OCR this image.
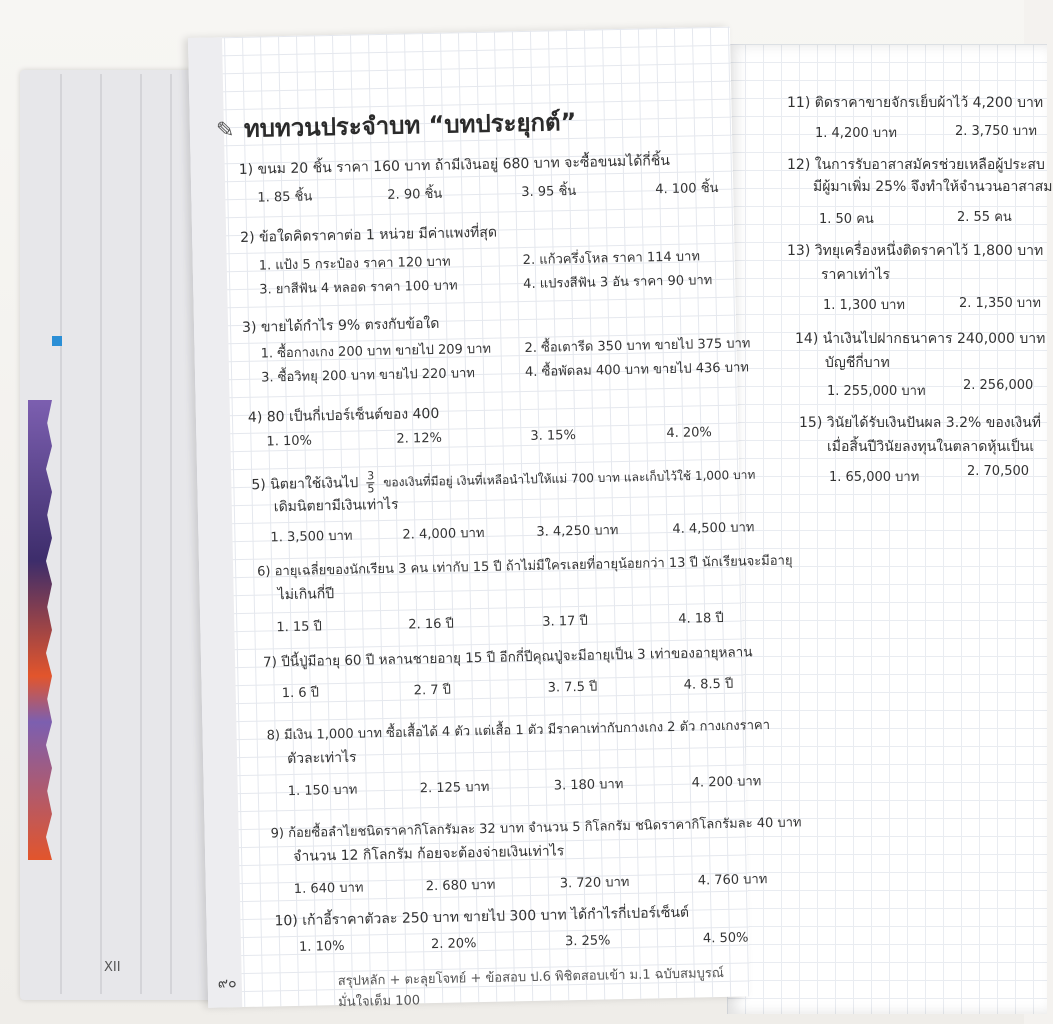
XII
11) ติดราคาขายจักรเย็บผ้าไว้ 4,200 บาท
1. 4,200 บาท	2. 3,750 บาท
12) ในการรับอาสาสมัครช่วยเหลือผู้ประสบ
มีผู้มาเพิ่ม 25% จึงทำให้จำนวนอาสาสม
1. 50 คน	2. 55 คน
13) วิทยุเครื่องหนึ่งติดราคาไว้ 1,800 บาท
ราคาเท่าไร
1. 1,300 บาท	2. 1,350 บาท
14) นำเงินไปฝากธนาคาร 240,000 บาท
บัญชีกี่บาท
1. 255,000 บาท	2. 256,000
15) วินัยได้รับเงินปันผล 3.2% ของเงินที่
เมื่อสิ้นปีวินัยลงทุนในตลาดหุ้นเป็นเ
1. 65,000 บาท	2. 70,500
✎ ทบทวนประจำบท “บทประยุกต์”
1) ขนม 20 ชิ้น ราคา 160 บาท ถ้ามีเงินอยู่ 680 บาท จะซื้อขนมได้กี่ชิ้น
1. 85 ชิ้น	2. 90 ชิ้น	3. 95 ชิ้น	4. 100 ชิ้น
2) ข้อใดคิดราคาต่อ 1 หน่วย มีค่าแพงที่สุด
1. แป้ง 5 กระป๋อง ราคา 120 บาท	2. แก้วครึ่งโหล ราคา 114 บาท
3. ยาสีฟัน 4 หลอด ราคา 100 บาท	4. แปรงสีฟัน 3 อัน ราคา 90 บาท
3) ขายได้กำไร 9% ตรงกับข้อใด
1. ซื้อกางเกง 200 บาท ขายไป 209 บาท	2. ซื้อเตารีด 350 บาท ขายไป 375 บาท
3. ซื้อวิทยุ 200 บาท ขายไป 220 บาท	4. ซื้อพัดลม 400 บาท ขายไป 436 บาท
4) 80 เป็นกี่เปอร์เซ็นต์ของ 400
1. 10%	2. 12%	3. 15%	4. 20%
5) นิตยาใช้เงินไป $\frac{3}{5}$ ของเงินที่มีอยู่ เงินที่เหลือนำไปให้แม่ 700 บาท และเก็บไว้ใช้ 1,000 บาท
เดิมนิตยามีเงินเท่าไร
1. 3,500 บาท	2. 4,000 บาท	3. 4,250 บาท	4. 4,500 บาท
6) อายุเฉลี่ยของนักเรียน 3 คน เท่ากับ 15 ปี ถ้าไม่มีใครเลยที่อายุน้อยกว่า 13 ปี นักเรียนจะมีอายุ
ไม่เกินกี่ปี
1. 15 ปี	2. 16 ปี	3. 17 ปี	4. 18 ปี
7) ปีนี้ปู่มีอายุ 60 ปี หลานชายอายุ 15 ปี อีกกี่ปีคุณปู่จะมีอายุเป็น 3 เท่าของอายุหลาน
1. 6 ปี	2. 7 ปี	3. 7.5 ปี	4. 8.5 ปี
8) มีเงิน 1,000 บาท ซื้อเสื้อได้ 4 ตัว แต่เสื้อ 1 ตัว มีราคาเท่ากับกางเกง 2 ตัว กางเกงราคา
ตัวละเท่าไร
1. 150 บาท	2. 125 บาท	3. 180 บาท	4. 200 บาท
9) ก้อยซื้อลำไยชนิดราคากิโลกรัมละ 32 บาท จำนวน 5 กิโลกรัม ชนิดราคากิโลกรัมละ 40 บาท
จำนวน 12 กิโลกรัม ก้อยจะต้องจ่ายเงินเท่าไร
1. 640 บาท	2. 680 บาท	3. 720 บาท	4. 760 บาท
10) เก้าอี้ราคาตัวละ 250 บาท ขายไป 300 บาท ได้กำไรกี่เปอร์เซ็นต์
1. 10%	2. 20%	3. 25%	4. 50%
๙๐	สรุปหลัก + ตะลุยโจทย์ + ข้อสอบ ป.6 พิชิตสอบเข้า ม.1 ฉบับสมบูรณ์ มั่นใจเต็ม 100
